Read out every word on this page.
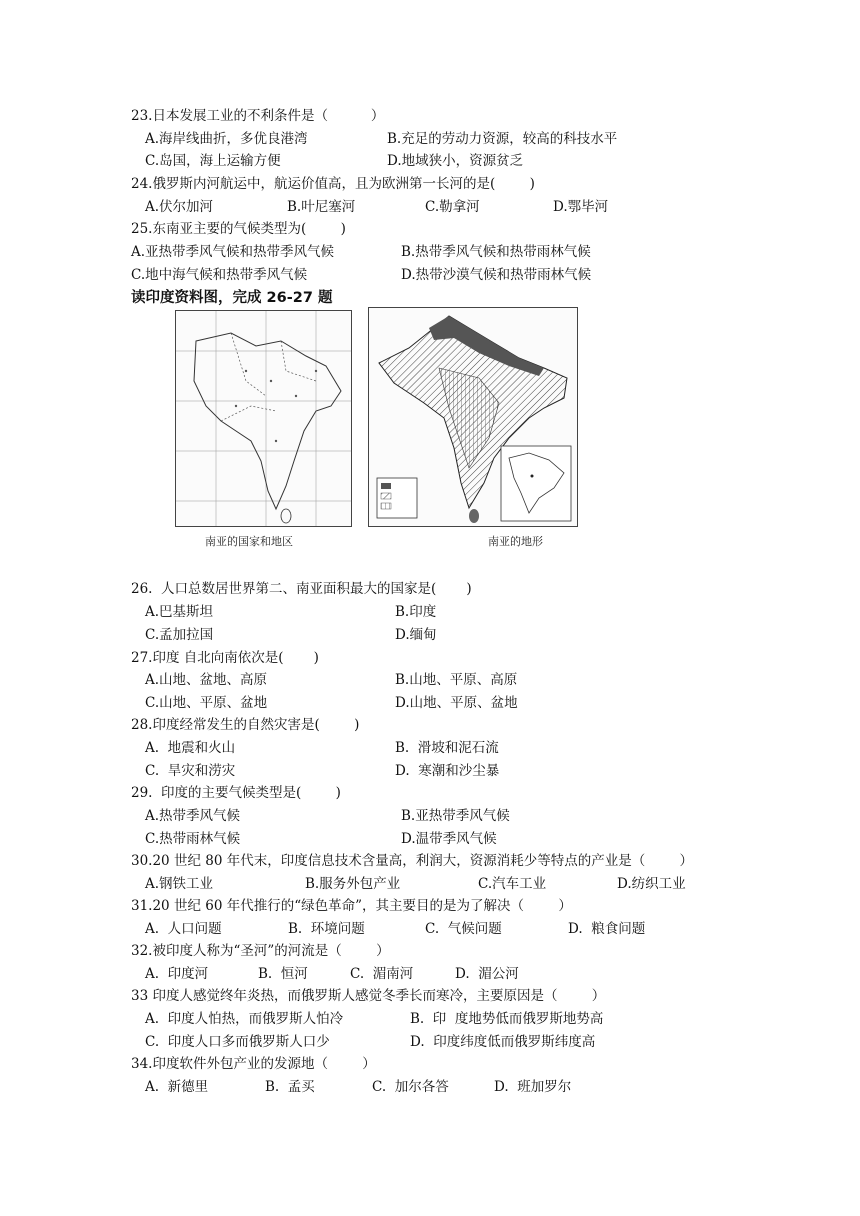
23.日本发展工业的不利条件是（          ）
A.海岸线曲折，多优良港湾	B.充足的劳动力资源，较高的科技水平
C.岛国，海上运输方便	D.地域狭小，资源贫乏
24.俄罗斯内河航运中，航运价值高，且为欧洲第一长河的是(        )
A.伏尔加河	B.叶尼塞河	C.勒拿河	D.鄂毕河
25.东南亚主要的气候类型为(        )
A.亚热带季风气候和热带季风气候	B.热带季风气候和热带雨林气候
C.地中海气候和热带季风气候	D.热带沙漠气候和热带雨林气候
读印度资料图，完成 26-27 题
南亚的国家和地区	南亚的地形
26.  人口总数居世界第二、南亚面积最大的国家是(       )
A.巴基斯坦	B.印度
C.孟加拉国	D.缅甸
27.印度 自北向南依次是(       )
A.山地、盆地、高原	B.山地、平原、高原
C.山地、平原、盆地	D.山地、平原、盆地
28.印度经常发生的自然灾害是(        )
A.  地震和火山	B.  滑坡和泥石流
C.  旱灾和涝灾	D.  寒潮和沙尘暴
29.  印度的主要气候类型是(        )
A.热带季风气候	B.亚热带季风气候
C.热带雨林气候	D.温带季风气候
30.20 世纪 80 年代末，印度信息技术含量高，利润大，资源消耗少等特点的产业是（        ）
A.钢铁工业	B.服务外包产业	C.汽车工业	D.纺织工业
31.20 世纪 60 年代推行的“绿色革命”，其主要目的是为了解决（        ）
A.  人口问题	B.  环境问题	C.  气候问题	D.  粮食问题
32.被印度人称为“圣河”的河流是（        ）
A.  印度河	B.  恒河	C.  湄南河	D.  湄公河
33 印度人感觉终年炎热，而俄罗斯人感觉冬季长而寒冷，主要原因是（        ）
A.  印度人怕热，而俄罗斯人怕冷	B.  印  度地势低而俄罗斯地势高
C.  印度人口多而俄罗斯人口少	D.  印度纬度低而俄罗斯纬度高
34.印度软件外包产业的发源地（        ）
A.  新德里	B.  孟买	C.  加尔各答	D.  班加罗尔
